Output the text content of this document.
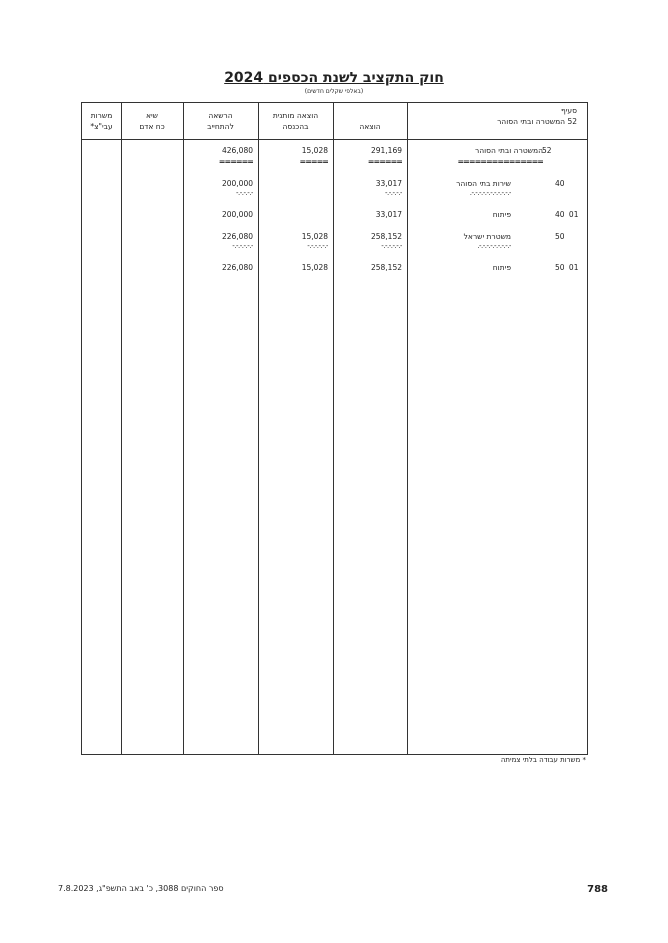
חוק התקציב לשנת הכספים 2024
(באלפי שקלים חדשים)
משרות
עבי"צ*
שיא
כח אדם
הרשאה
להתחייב
הוצאה מותנית
בהכנסה	הוצאה
סעיף
52 המשטרה ובתי הסוהר
52
המשטרה ובתי הסוהר
===============
291,169
======
15,028
=====
426,080
======
40
שירות בתי הסוהר
.-.-.-.-.-.-.-.-.-.-.-
33,017
-.-.-.-.-
200,000
-.-.-.-.-
40 01
פיתוח
33,017
200,000
50
משטרת ישראל
.-.-.-.-.-.-.-.-.-
258,152
-.-.-.-.-.-
15,028
-.-.-.-.-.-
226,080
-.-.-.-.-.-
50 01
פיתוח
258,152
15,028
226,080
* משרות עבודה בלתי צמיתה
ספר החוקים 3088, כ' באב התשפ"ג, 7.8.2023	788
